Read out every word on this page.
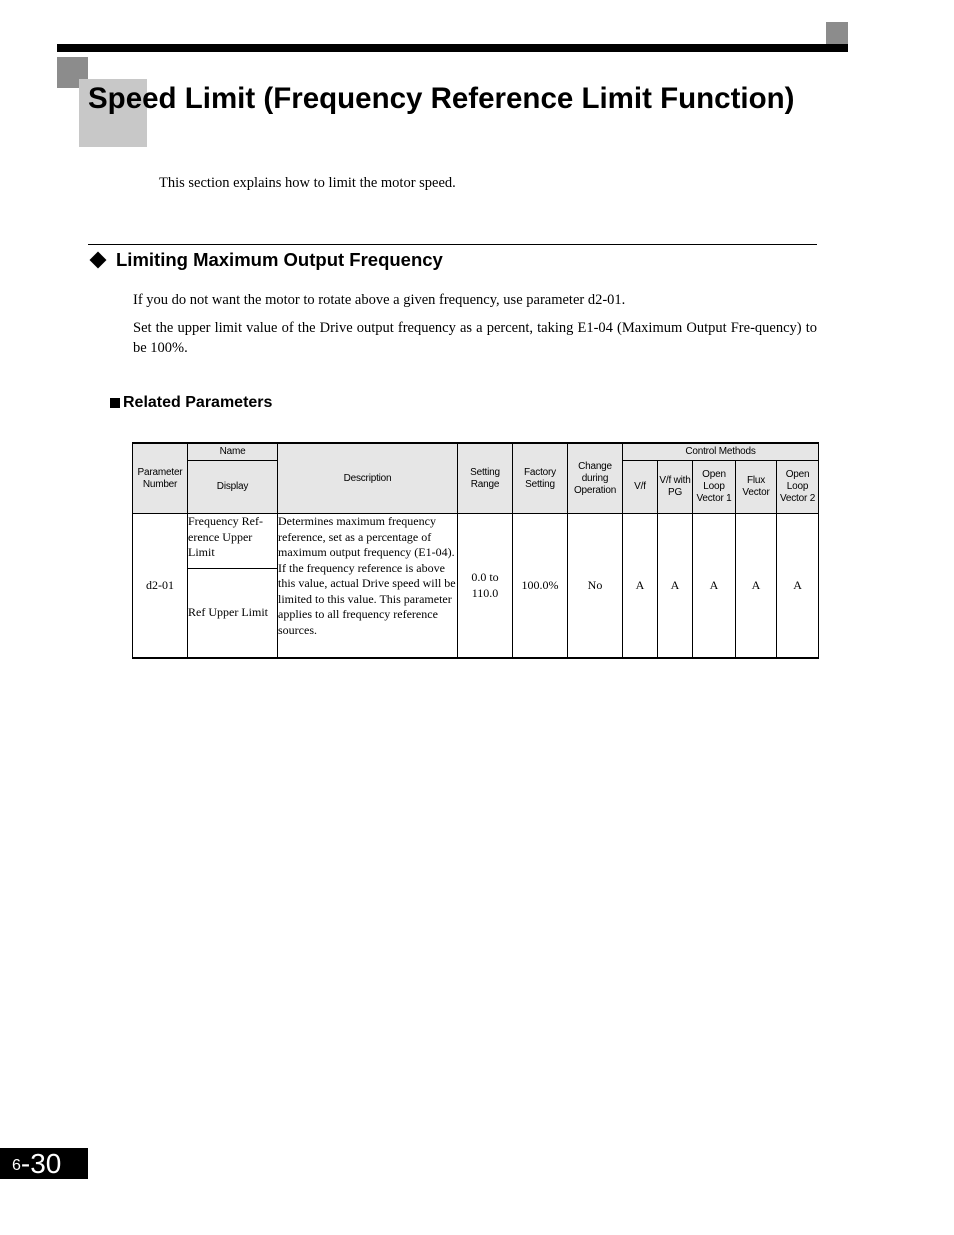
Speed Limit (Frequency Reference Limit Function)

This section explains how to limit the motor speed.

Limiting Maximum Output Frequency

If you do not want the motor to rotate above a given frequency, use parameter d2-01.

Set the upper limit value of the Drive output frequency as a percent, taking E1-04 (Maximum Output Fre-quency) to be 100%.

Related Parameters
Parameter Number	Name	Description	Setting Range	Factory Setting	Change during Operation	Control Methods				
	Display					V/f	V/f with PG	Open Loop Vector 1	Flux Vector	Open Loop Vector 2
d2-01	Frequency Ref-erence Upper Limit	Determines maximum frequency reference, set as a percentage of maximum output frequency (E1-04). If the frequency reference is above this value, actual Drive speed will be limited to this value. This parameter applies to all frequency reference sources.	0.0 to 110.0	100.0%	No	A	A	A	A	A
	Ref Upper Limit									

6 -30
